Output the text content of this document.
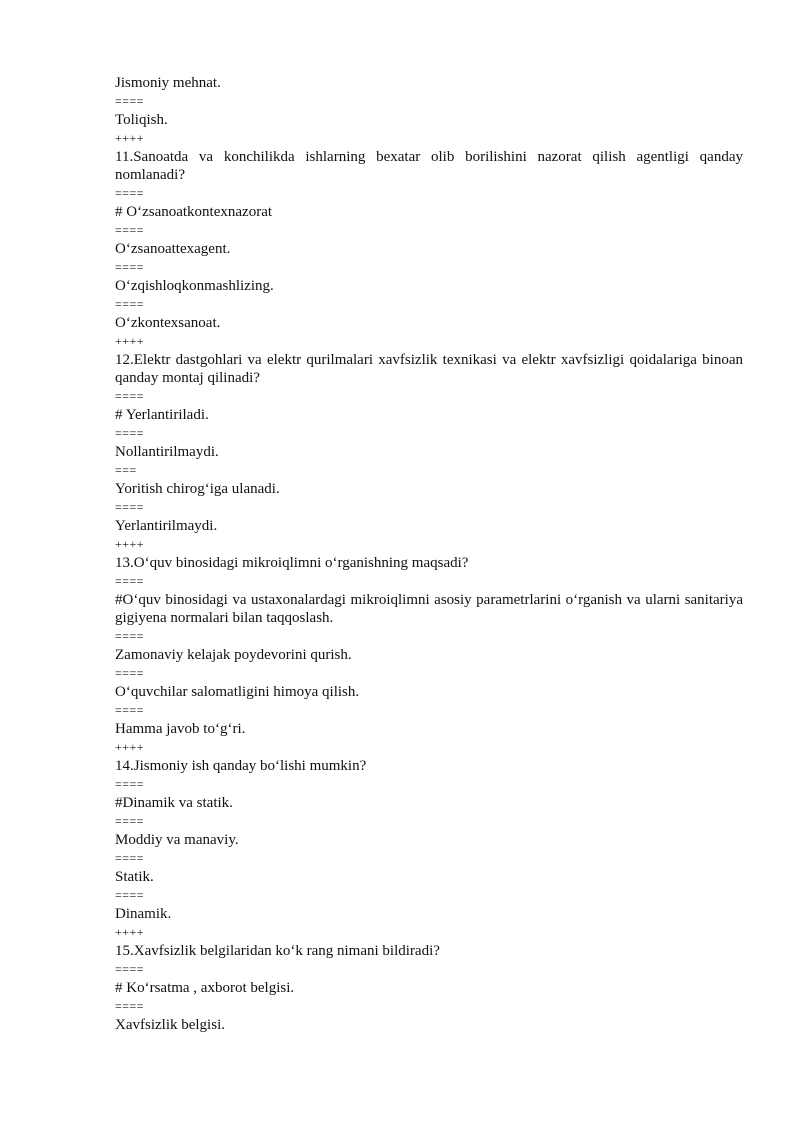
Jismoniy mehnat.
====
Toliqish.
++++
11.Sanoatda va konchilikda ishlarning bexatar olib borilishini nazorat qilish agentligi qanday nomlanadi?
====
# O‘zsanoatkontexnazorat
====
O‘zsanoattexagent.
====
O‘zqishloqkonmashlizing.
====
O‘zkontexsanoat.
++++
12.Elektr dastgohlari va elektr qurilmalari xavfsizlik texnikasi va elektr xavfsizligi qoidalariga binoan qanday montaj qilinadi?
====
# Yerlantiriladi.
====
Nollantirilmaydi.
===
Yoritish chirog‘iga ulanadi.
====
Yerlantirilmaydi.
++++
13.O‘quv binosidagi mikroiqlimni o‘rganishning maqsadi?
====
#O‘quv binosidagi va ustaxonalardagi mikroiqlimni asosiy parametrlarini o‘rganish va ularni sanitariya gigiyena normalari bilan taqqoslash.
====
Zamonaviy kelajak poydevorini qurish.
====
O‘quvchilar salomatligini himoya qilish.
====
Hamma javob to‘g‘ri.
++++
14.Jismoniy ish qanday bo‘lishi mumkin?
====
#Dinamik va statik.
====
Moddiy va manaviy.
====
Statik.
====
Dinamik.
++++
15.Xavfsizlik belgilaridan ko‘k rang nimani bildiradi?
====
# Ko‘rsatma , axborot belgisi.
====
Xavfsizlik belgisi.
